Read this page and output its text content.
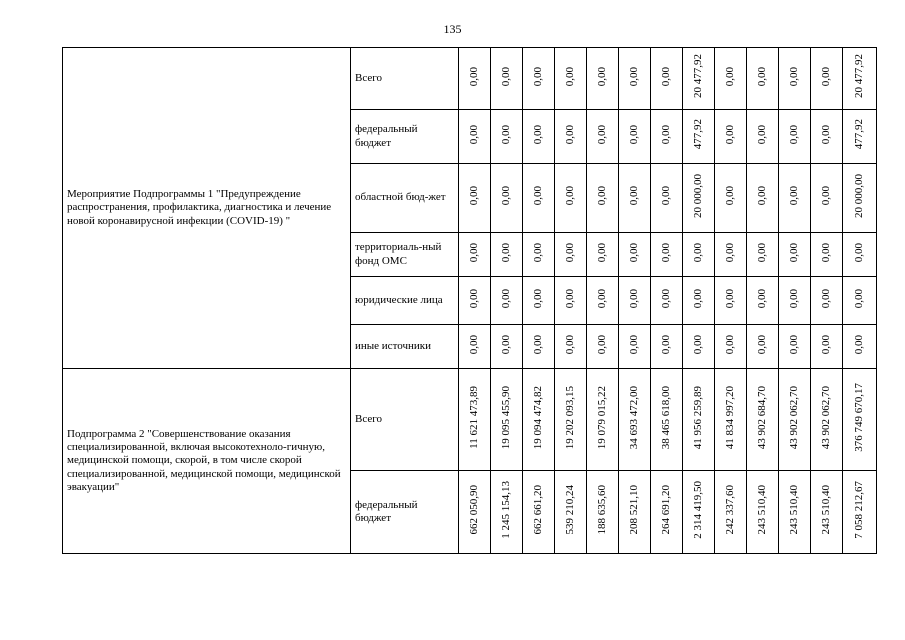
135
Мероприятие Подпрограммы 1 "Предупреждение распространения, профилактика, диагностика и лечение новой коронавирусной инфекции (COVID-19) "	Всего	0,00	0,00	0,00	0,00	0,00	0,00	0,00	20 477,92	0,00	0,00	0,00	0,00	20 477,92
	федеральный бюджет	0,00	0,00	0,00	0,00	0,00	0,00	0,00	477,92	0,00	0,00	0,00	0,00	477,92
	областной бюд-жет	0,00	0,00	0,00	0,00	0,00	0,00	0,00	20 000,00	0,00	0,00	0,00	0,00	20 000,00
	территориаль-ный фонд ОМС	0,00	0,00	0,00	0,00	0,00	0,00	0,00	0,00	0,00	0,00	0,00	0,00	0,00
	юридические лица	0,00	0,00	0,00	0,00	0,00	0,00	0,00	0,00	0,00	0,00	0,00	0,00	0,00
	иные источники	0,00	0,00	0,00	0,00	0,00	0,00	0,00	0,00	0,00	0,00	0,00	0,00	0,00
Подпрограмма 2 "Совершенствование оказания специализированной, включая высокотехноло-гичную, медицинской помощи, скорой, в том числе скорой специализированной, медицинской помощи, медицинской эвакуации"	Всего	11 621 473,89	19 095 455,90	19 094 474,82	19 202 093,15	19 079 015,22	34 693 472,00	38 465 618,00	41 956 259,89	41 834 997,20	43 902 684,70	43 902 062,70	43 902 062,70	376 749 670,17
	федеральный бюджет	662 050,90	1 245 154,13	662 661,20	539 210,24	188 635,60	208 521,10	264 691,20	2 314 419,50	242 337,60	243 510,40	243 510,40	243 510,40	7 058 212,67
